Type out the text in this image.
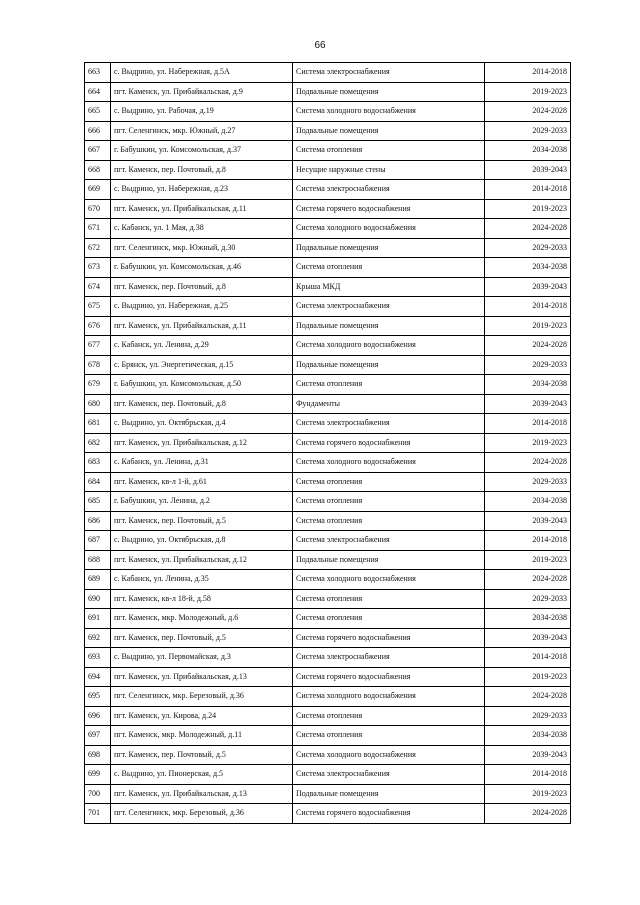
66
663	с. Выдрино, ул. Набережная, д.5А	Система электроснабжения	2014-2018
664	пгт. Каменск, ул. Прибайкальская, д.9	Подвальные помещения	2019-2023
665	с. Выдрино, ул. Рабочая, д.19	Система холодного водоснабжения	2024-2028
666	пгт. Селенгинск, мкр. Южный, д.27	Подвальные помещения	2029-2033
667	г. Бабушкин, ул. Комсомольская, д.37	Система отопления	2034-2038
668	пгт. Каменск, пер. Почтовый, д.8	Несущие наружные стены	2039-2043
669	с. Выдрино, ул. Набережная, д.23	Система электроснабжения	2014-2018
670	пгт. Каменск, ул. Прибайкальская, д.11	Система горячего водоснабжения	2019-2023
671	с. Кабанск, ул. 1 Мая, д.38	Система холодного водоснабжения	2024-2028
672	пгт. Селенгинск, мкр. Южный, д.30	Подвальные помещения	2029-2033
673	г. Бабушкин, ул. Комсомольская, д.46	Система отопления	2034-2038
674	пгт. Каменск, пер. Почтовый, д.8	Крыша МКД	2039-2043
675	с. Выдрино, ул. Набережная, д.25	Система электроснабжения	2014-2018
676	пгт. Каменск, ул. Прибайкальская, д.11	Подвальные помещения	2019-2023
677	с. Кабанск, ул. Ленина, д.29	Система холодного водоснабжения	2024-2028
678	с. Брянск, ул. Энергетическая, д.15	Подвальные помещения	2029-2033
679	г. Бабушкин, ул. Комсомольская, д.50	Система отопления	2034-2038
680	пгт. Каменск, пер. Почтовый, д.8	Фундаменты	2039-2043
681	с. Выдрино, ул. Октябрьская, д.4	Система электроснабжения	2014-2018
682	пгт. Каменск, ул. Прибайкальская, д.12	Система горячего водоснабжения	2019-2023
683	с. Кабанск, ул. Ленина, д.31	Система холодного водоснабжения	2024-2028
684	пгт. Каменск, кв-л 1-й, д.61	Система отопления	2029-2033
685	г. Бабушкин, ул. Ленина, д.2	Система отопления	2034-2038
686	пгт. Каменск, пер. Почтовый, д.5	Система отопления	2039-2043
687	с. Выдрино, ул. Октябрьская, д.8	Система электроснабжения	2014-2018
688	пгт. Каменск, ул. Прибайкальская, д.12	Подвальные помещения	2019-2023
689	с. Кабанск, ул. Ленина, д.35	Система холодного водоснабжения	2024-2028
690	пгт. Каменск, кв-л 18-й, д.58	Система отопления	2029-2033
691	пгт. Каменск, мкр. Молодежный, д.6	Система отопления	2034-2038
692	пгт. Каменск, пер. Почтовый, д.5	Система горячего водоснабжения	2039-2043
693	с. Выдрино, ул. Первомайская, д.3	Система электроснабжения	2014-2018
694	пгт. Каменск, ул. Прибайкальская, д.13	Система горячего водоснабжения	2019-2023
695	пгт. Селенгинск, мкр. Березовый, д.36	Система холодного водоснабжения	2024-2028
696	пгт. Каменск, ул. Кирова, д.24	Система отопления	2029-2033
697	пгт. Каменск, мкр. Молодежный, д.11	Система отопления	2034-2038
698	пгт. Каменск, пер. Почтовый, д.5	Система холодного водоснабжения	2039-2043
699	с. Выдрино, ул. Пионерская, д.5	Система электроснабжения	2014-2018
700	пгт. Каменск, ул. Прибайкальская, д.13	Подвальные помещения	2019-2023
701	пгт. Селенгинск, мкр. Березовый, д.36	Система горячего водоснабжения	2024-2028
